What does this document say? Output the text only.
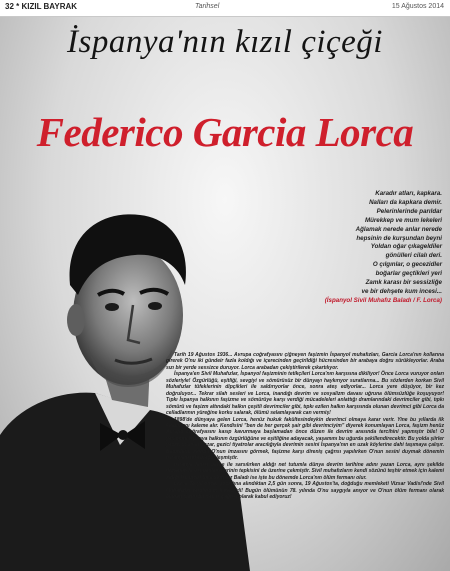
32 * KIZIL BAYRAK	Tarihsel	15 Ağustos 2014
İspanya'nın kızıl çiçeği
Federico Garcia Lorca
Karadır atları, kapkara.
Nalları da kapkara demir.
Pelerinlerinde parıldar
Mürekkep ve mum lekeleri
Ağlamak nerede anlar nerede
hepsinin de kurşundan beyni
Yoldan oğar çıkageldiler
gönülleri cilalı deri.
O çılgınlar, o gecezidler
boğarlar geçtikleri yeri
Zamk karası bir sessizliğe
ve bir dehşete kum incesi...
(İspanyol Sivil Muhafız Baladı / F. Lorca)

Tarih 19 Ağustos 1936... Avrupa coğrafyasını çiğneyen faşizmin İspanyol muhafızları, Garcia Lorca'nın kollarına girerek O'nu iki gündeir fazla koldığı ve içerecinden geçirildiği hücresinden bir arabaya doğru sürükleyorlar. Araba sızı bir yerde sessizce duruyor. Lorca arabadan çekiştirilerek çıkartılıyor.

İspanya'en Sivil Muhafızlar, İspanyol faşizminin tetikçileri Lorca'nın karşısına dikiliyor! Önce Lorca vuruyor onları sözleriyle! Özgürlüğü, eşitliği, sevgiyi ve sömürüsüz bir dünyayı haykırıyor suratlarına... Bu sözlerden korkan Sivil Muhafızlar tüfeklerinin dipçikleri ile saldırıyorlar önce, sonra ateş ediyorlar... Lorca yere düşüyor, bir kez doğruluyor... Tekrar silah sesleri ve Lorca, inandığı devrim ve sosyalizm davası uğruna ölümsüzlüğe koşuyuyor! Tıpkı İspanya halkının faşizme ve sömürüye karşı verdiği mücadeleleri anlattığı dramlarındaki devrimciler gibi, tıpkı sömürü ve faşizm altındaki halkın çeşitli devrimciler gibi, tıpkı ezilen halkın karşısında olunan devrimci gibi Lorca da celladlarının yüreğine korku salarak, ölümü selamlayarak can vermiş!

1898'de dünyaya gelen Lorca, henüz hukuk fakültesindeykin devrimci olmaya karar verir. Yine bu yıllarda ilk kitaplarını kaleme alır. Kendisini "ben de her gerçek şair gibi devrimciyim" diyerek konumlayan Lorca, faşizm henüz Avrupa coğrafyasını kasıp kavurmaya başlamadan önce düzen ile devrim arasında tercihini yapmıştır bile! O yaşamını İspanya halkının özgürlüğüne ve eşitliğine adayacak, yaşamını bu uğurda şekillendirecektir. Bu yolda şiirler yazar, oyunlar yazar, gezici tiyatrolar aracılığıyla devrimin sesini İspanya'nın en uzak köylerine dahi taşımaya çalışır. Bildirilerin altında O'nun imzasını görmek, faşizme karşı direniş çağrısı yapılırken O'nun sesini duymak dönemin İspanyası'nda olağanleşmiştir.

İspanya faşist darbe ile sarsılırken aldığı net tutumla dünya devrim tarihine adını yazan Lorca, aynı şekilde dönemin faşist beslemelerinin tepkisini de üzerine çekmiştir. Sivil muhafızların kendi sözünü teşhir etmek için kalemi aldığı İspanyol Sivil Muhafız Baladı ise işte bu dönemde Lorca'nın ölüm fermanı olur.

Lorca 78 yıl önce, gözaltına alındıktan 2,5 gün sonra, 19 Ağustos'ta, doğduğu memleketi Vizsar Vadisi'nde Sivil Muhafızlar tarafından katledildi! Bugün ölümünün 78. yılında O'nu saygıyla anıyor ve O'nun ölüm fermanı olarak bilinen şiirini bir savaş çağrısı olarak kabul ediyoruz!
